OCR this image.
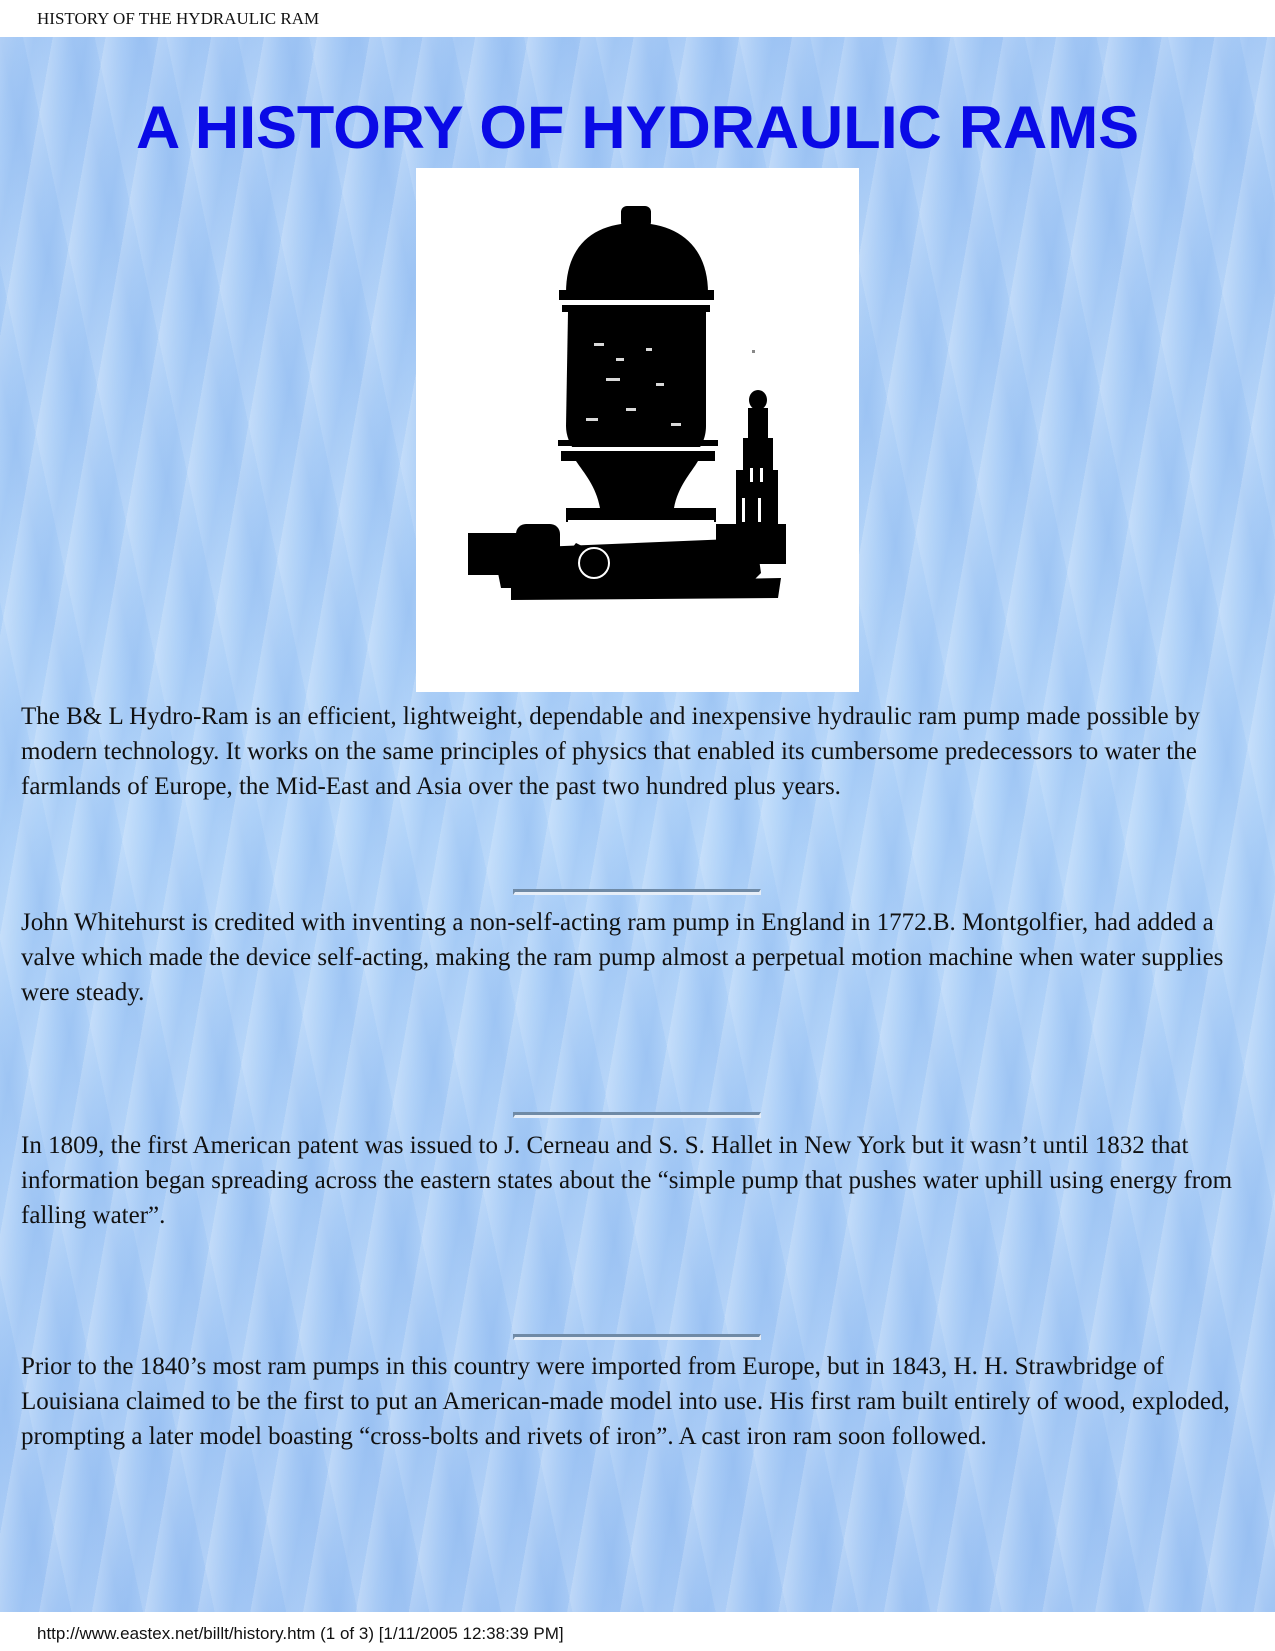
HISTORY OF THE HYDRAULIC RAM
A HISTORY OF HYDRAULIC RAMS

The B& L Hydro-Ram is an efficient, lightweight, dependable and inexpensive hydraulic ram pump made possible by modern technology. It works on the same principles of physics that enabled its cumbersome predecessors to water the farmlands of Europe, the Mid-East and Asia over the past two hundred plus years.

John Whitehurst is credited with inventing a non-self-acting ram pump in England in 1772.B. Montgolfier, had added a valve which made the device self-acting, making the ram pump almost a perpetual motion machine when water supplies were steady.

In 1809, the first American patent was issued to J. Cerneau and S. S. Hallet in New York but it wasn’t until 1832 that information began spreading across the eastern states about the “simple pump that pushes water uphill using energy from falling water”.

Prior to the 1840’s most ram pumps in this country were imported from Europe, but in 1843, H. H. Strawbridge of Louisiana claimed to be the first to put an American-made model into use. His first ram built entirely of wood, exploded, prompting a later model boasting “cross-bolts and rivets of iron”. A cast iron ram soon followed.

http://www.eastex.net/billt/history.htm (1 of 3) [1/11/2005 12:38:39 PM]
